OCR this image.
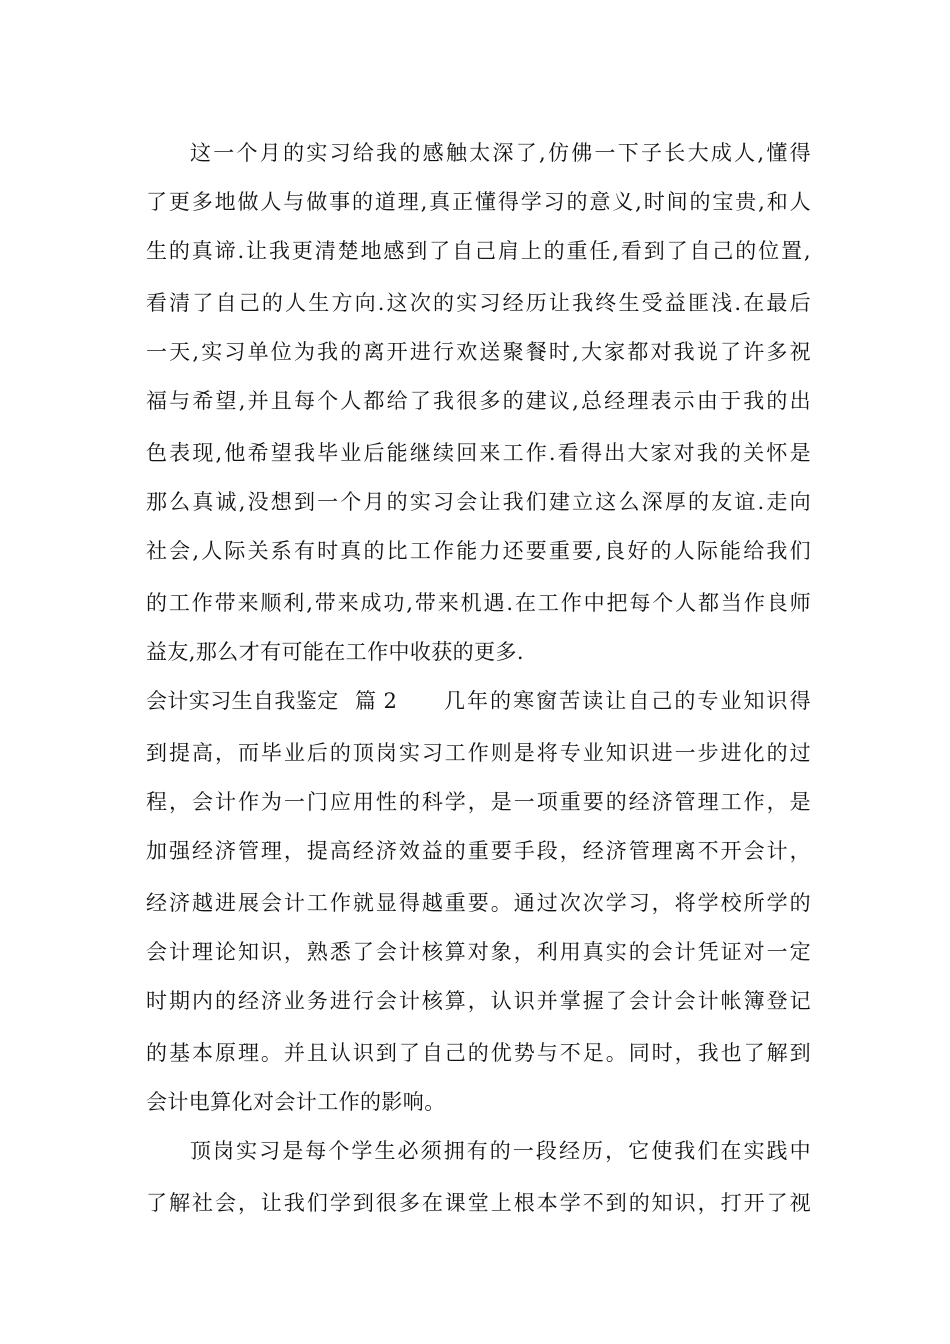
这一个月的实习给我的感触太深了,仿佛一下子长大成人,懂得
了更多地做人与做事的道理,真正懂得学习的意义,时间的宝贵,和人
生的真谛.让我更清楚地感到了自己肩上的重任,看到了自己的位置,
看清了自己的人生方向.这次的实习经历让我终生受益匪浅.在最后
一天,实习单位为我的离开进行欢送聚餐时,大家都对我说了许多祝
福与希望,并且每个人都给了我很多的建议,总经理表示由于我的出
色表现,他希望我毕业后能继续回来工作.看得出大家对我的关怀是
那么真诚,没想到一个月的实习会让我们建立这么深厚的友谊.走向
社会,人际关系有时真的比工作能力还要重要,良好的人际能给我们
的工作带来顺利,带来成功,带来机遇.在工作中把每个人都当作良师
益友,那么才有可能在工作中收获的更多.
会计实习生自我鉴定 篇 2 几年的寒窗苦读让自己的专业知识得
到提高，而毕业后的顶岗实习工作则是将专业知识进一步进化的过
程，会计作为一门应用性的科学，是一项重要的经济管理工作，是
加强经济管理，提高经济效益的重要手段，经济管理离不开会计，
经济越进展会计工作就显得越重要。通过次次学习，将学校所学的
会计理论知识，熟悉了会计核算对象，利用真实的会计凭证对一定
时期内的经济业务进行会计核算，认识并掌握了会计会计帐簿登记
的基本原理。并且认识到了自己的优势与不足。同时，我也了解到
会计电算化对会计工作的影响。
顶岗实习是每个学生必须拥有的一段经历，它使我们在实践中
了解社会，让我们学到很多在课堂上根本学不到的知识，打开了视
